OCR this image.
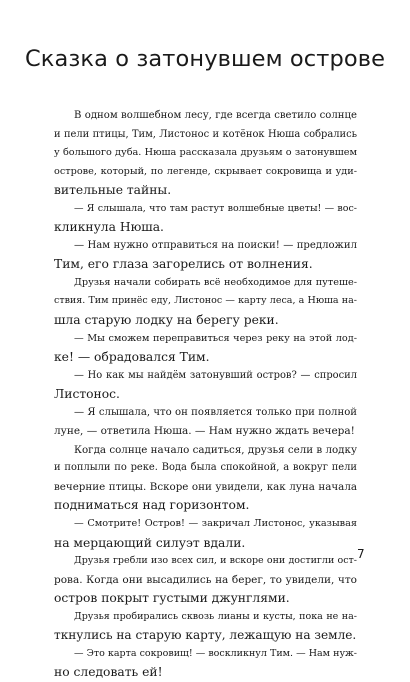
Сказка о затонувшем острове
В одном волшебном лесу, где всегда светило солнце
и пели птицы, Тим, Листонос и котёнок Нюша собрались
у большого дуба. Нюша рассказала друзьям о затонувшем
острове, который, по легенде, скрывает сокровища и уди-
вительные тайны.
— Я слышала, что там растут волшебные цветы! — вос-
кликнула Нюша.
— Нам нужно отправиться на поиски! — предложил
Тим, его глаза загорелись от волнения.
Друзья начали собирать всё необходимое для путеше-
ствия. Тим принёс еду, Листонос — карту леса, а Нюша на-
шла старую лодку на берегу реки.
— Мы сможем переправиться через реку на этой лод-
ке! — обрадовался Тим.
— Но как мы найдём затонувший остров? — спросил
Листонос.
— Я слышала, что он появляется только при полной
луне, — ответила Нюша. — Нам нужно ждать вечера!
Когда солнце начало садиться, друзья сели в лодку
и поплыли по реке. Вода была спокойной, а вокруг пели
вечерние птицы. Вскоре они увидели, как луна начала
подниматься над горизонтом.
— Смотрите! Остров! — закричал Листонос, указывая
на мерцающий силуэт вдали.
Друзья гребли изо всех сил, и вскоре они достигли ост-
рова. Когда они высадились на берег, то увидели, что
остров покрыт густыми джунглями.
Друзья пробирались сквозь лианы и кусты, пока не на-
ткнулись на старую карту, лежащую на земле.
— Это карта сокровищ! — воскликнул Тим. — Нам нуж-
но следовать ей!
7
